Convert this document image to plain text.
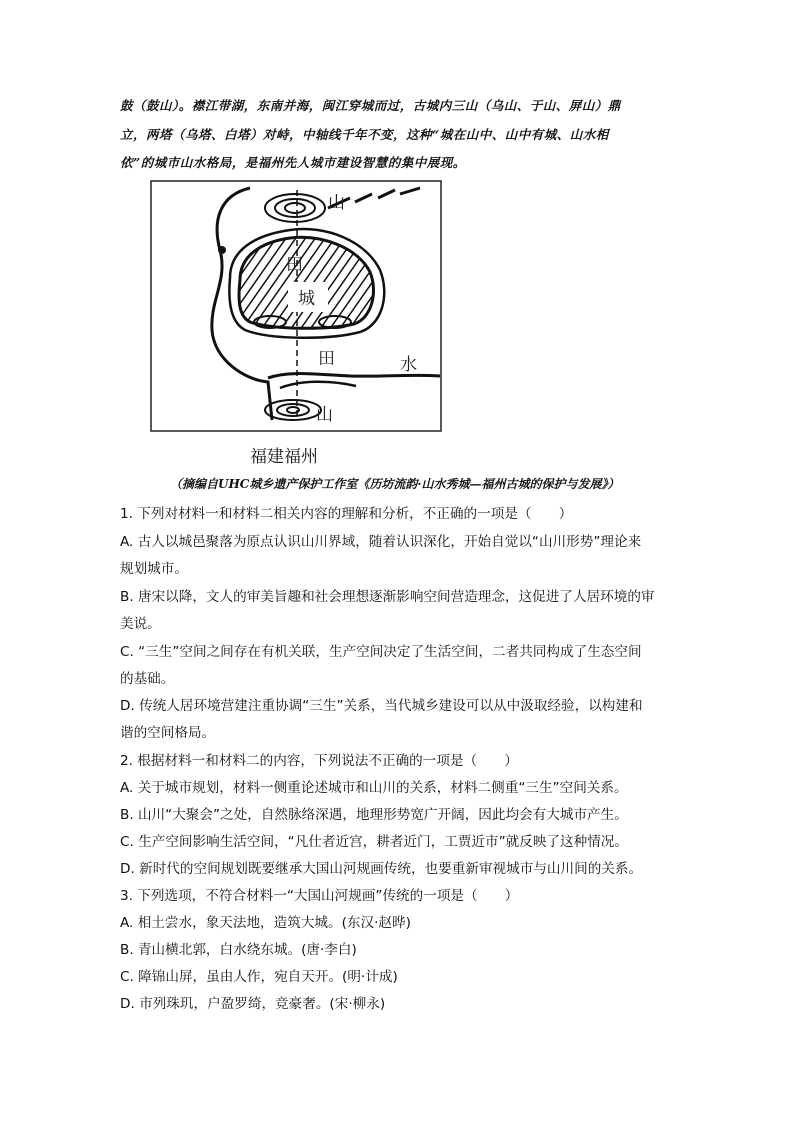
鼓（鼓山）。襟江带湖，东南并海，闽江穿城而过，古城内三山（乌山、于山、屏山）鼎
立，两塔（乌塔、白塔）对峙，中轴线千年不变，这种“城在山中、山中有城、山水相
依”的城市山水格局，是福州先人城市建设智慧的集中展现。
山
田
城
田	水
山
福建福州
（摘编自UHC城乡遗产保护工作室《历坊流韵·山水秀城—福州古城的保护与发展》）
1. 下列对材料一和材料二相关内容的理解和分析，不正确的一项是（　　）
A. 古人以城邑聚落为原点认识山川界域，随着认识深化，开始自觉以“山川形势”理论来
规划城市。
B. 唐宋以降，文人的审美旨趣和社会理想逐渐影响空间营造理念，这促进了人居环境的审
美说。
C. “三生”空间之间存在有机关联，生产空间决定了生活空间，二者共同构成了生态空间
的基础。
D. 传统人居环境营建注重协调“三生”关系，当代城乡建设可以从中汲取经验，以构建和
谐的空间格局。
2. 根据材料一和材料二的内容，下列说法不正确的一项是（　　）
A. 关于城市规划，材料一侧重论述城市和山川的关系，材料二侧重“三生”空间关系。
B. 山川“大聚会”之处，自然脉络深遇，地理形势宽广开阔，因此均会有大城市产生。
C. 生产空间影响生活空间，“凡仕者近宫，耕者近门，工贾近市”就反映了这种情况。
D. 新时代的空间规划既要继承大国山河规画传统，也要重新审视城市与山川间的关系。
3. 下列选项，不符合材料一“大国山河规画”传统的一项是（　　）
A. 相土尝水，象天法地，造筑大城。(东汉·赵晔)
B. 青山横北郭，白水绕东城。(唐·李白)
C. 障锦山屏，虽由人作，宛自天开。(明·计成)
D. 市列珠玑，户盈罗绮，竞豪奢。(宋·柳永)
